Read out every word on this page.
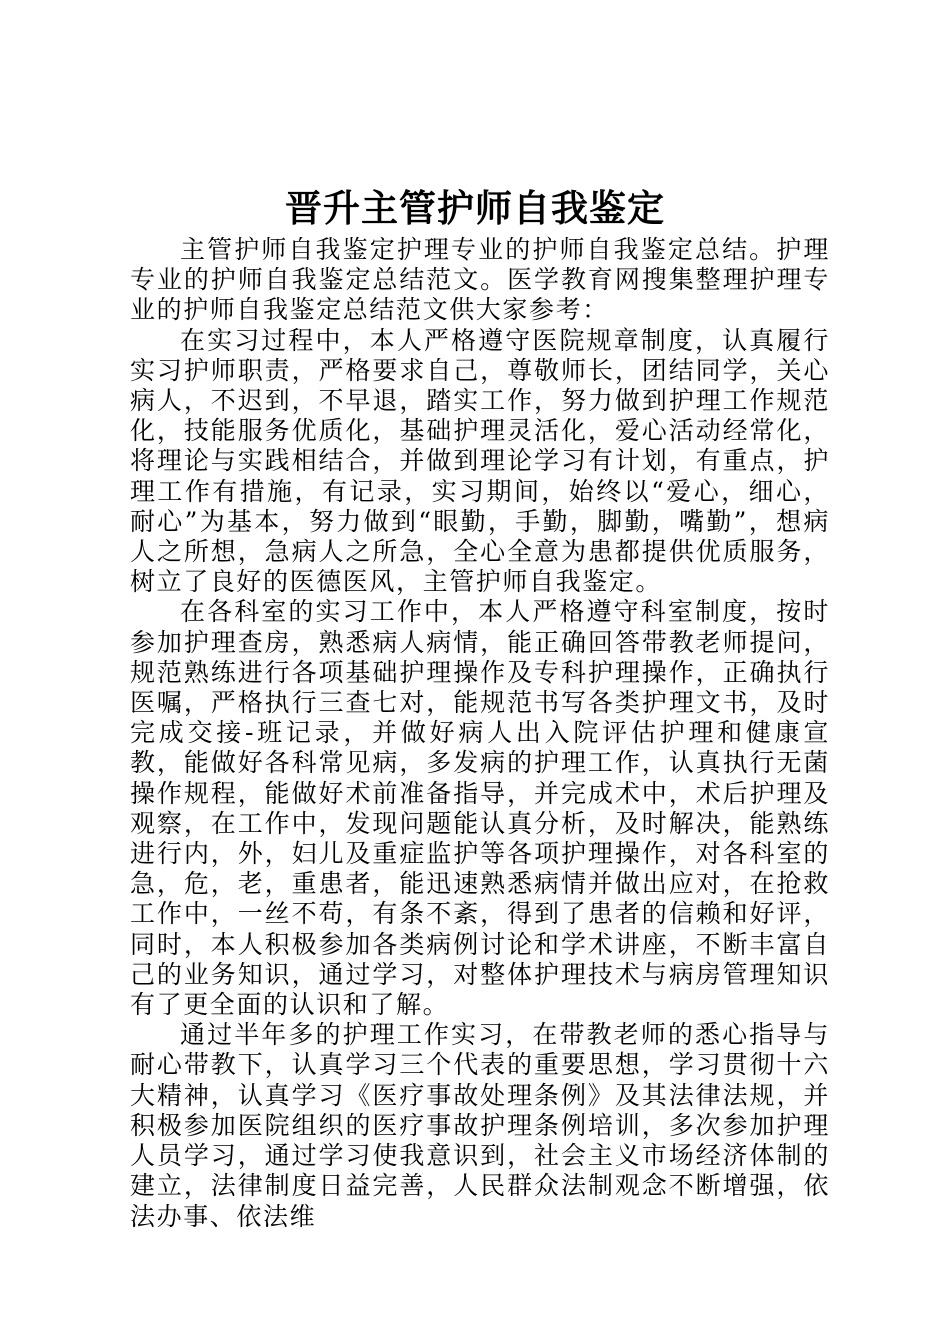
晋升主管护师自我鉴定

主管护师自我鉴定护理专业的护师自我鉴定总结。护理专业的护师自我鉴定总结范文。医学教育网搜集整理护理专业的护师自我鉴定总结范文供大家参考：

在实习过程中，本人严格遵守医院规章制度，认真履行实习护师职责，严格要求自己，尊敬师长，团结同学，关心病人，不迟到，不早退，踏实工作，努力做到护理工作规范化，技能服务优质化，基础护理灵活化，爱心活动经常化，将理论与实践相结合，并做到理论学习有计划，有重点，护理工作有措施，有记录，实习期间，始终以“爱心，细心，耐心”为基本，努力做到“眼勤，手勤，脚勤，嘴勤”，想病人之所想，急病人之所急，全心全意为患都提供优质服务，树立了良好的医德医风，主管护师自我鉴定。

在各科室的实习工作中，本人严格遵守科室制度，按时参加护理查房，熟悉病人病情，能正确回答带教老师提问，规范熟练进行各项基础护理操作及专科护理操作，正确执行医嘱，严格执行三查七对，能规范书写各类护理文书，及时完成交接-班记录，并做好病人出入院评估护理和健康宣教，能做好各科常见病，多发病的护理工作，认真执行无菌操作规程，能做好术前准备指导，并完成术中，术后护理及观察，在工作中，发现问题能认真分析，及时解决，能熟练进行内，外，妇儿及重症监护等各项护理操作，对各科室的急，危，老，重患者，能迅速熟悉病情并做出应对，在抢救工作中，一丝不苟，有条不紊，得到了患者的信赖和好评，同时，本人积极参加各类病例讨论和学术讲座，不断丰富自己的业务知识，通过学习，对整体护理技术与病房管理知识有了更全面的认识和了解。

通过半年多的护理工作实习，在带教老师的悉心指导与耐心带教下，认真学习三个代表的重要思想，学习贯彻十六大精神，认真学习《医疗事故处理条例》及其法律法规，并积极参加医院组织的医疗事故护理条例培训，多次参加护理人员学习，通过学习使我意识到，社会主义市场经济体制的建立，法律制度日益完善，人民群众法制观念不断增强，依法办事、依法维
